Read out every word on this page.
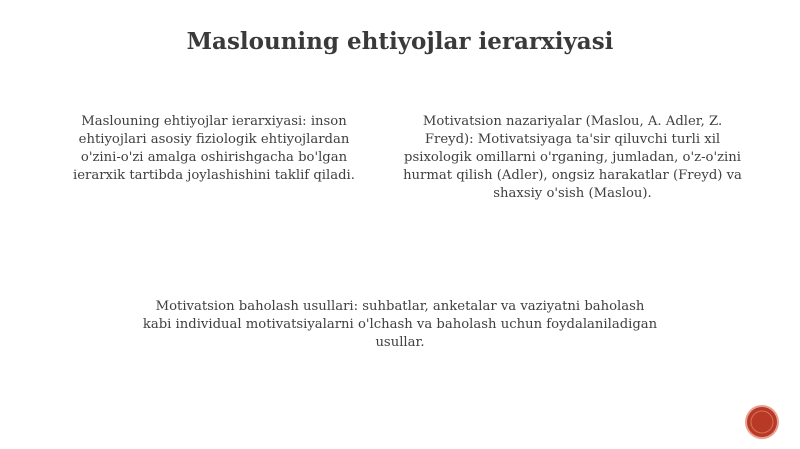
Maslouning ehtiyojlar ierarxiyasi
Maslouning ehtiyojlar ierarxiyasi: inson ehtiyojlari asosiy fiziologik ehtiyojlardan o'zini-o'zi amalga oshirishgacha bo'lgan ierarxik tartibda joylashishini taklif qiladi.
Motivatsion nazariyalar (Maslou, A. Adler, Z. Freyd): Motivatsiyaga ta'sir qiluvchi turli xil psixologik omillarni o'rganing, jumladan, o'z-o'zini hurmat qilish (Adler), ongsiz harakatlar (Freyd) va shaxsiy o'sish (Maslou).
Motivatsion baholash usullari: suhbatlar, anketalar va vaziyatni baholash kabi individual motivatsiyalarni o'lchash va baholash uchun foydalaniladigan usullar.
